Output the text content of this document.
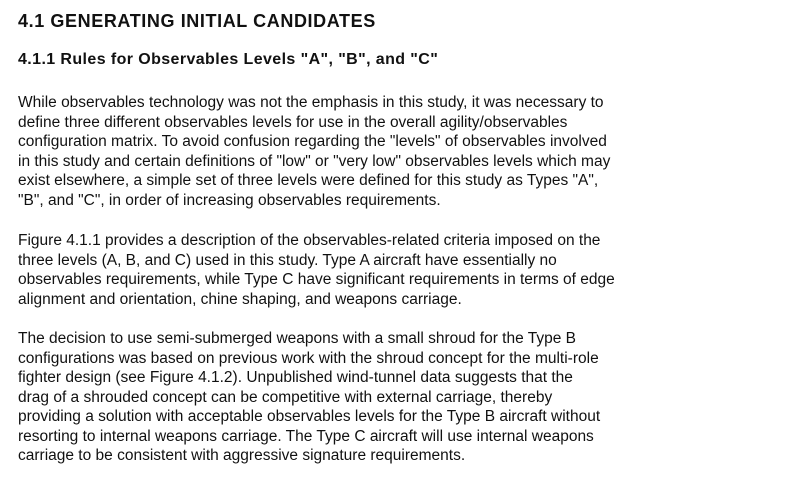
4.1 GENERATING INITIAL CANDIDATES
4.1.1 Rules for Observables Levels "A", "B", and "C"
While observables technology was not the emphasis in this study, it was necessary to
define three different observables levels for use in the overall agility/observables
configuration matrix. To avoid confusion regarding the "levels" of observables involved
in this study and certain definitions of "low" or "very low" observables levels which may
exist elsewhere, a simple set of three levels were defined for this study as Types "A",
"B", and "C", in order of increasing observables requirements.
Figure 4.1.1 provides a description of the observables-related criteria imposed on the
three levels (A, B, and C) used in this study. Type A aircraft have essentially no
observables requirements, while Type C have significant requirements in terms of edge
alignment and orientation, chine shaping, and weapons carriage.
The decision to use semi-submerged weapons with a small shroud for the Type B
configurations was based on previous work with the shroud concept for the multi-role
fighter design (see Figure 4.1.2). Unpublished wind-tunnel data suggests that the
drag of a shrouded concept can be competitive with external carriage, thereby
providing a solution with acceptable observables levels for the Type B aircraft without
resorting to internal weapons carriage. The Type C aircraft will use internal weapons
carriage to be consistent with aggressive signature requirements.
